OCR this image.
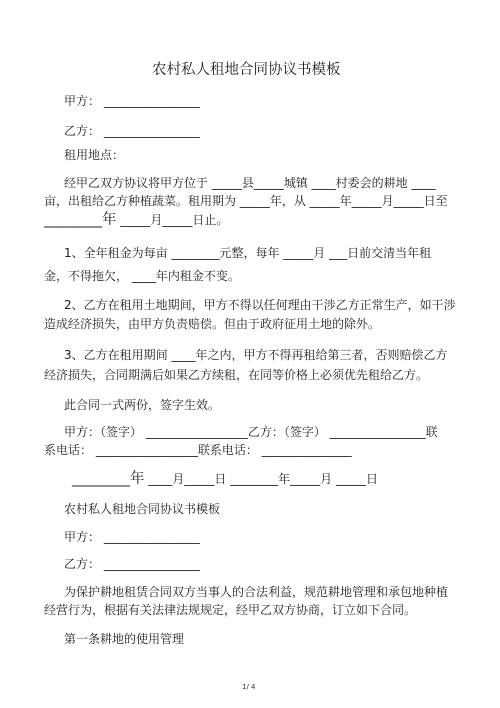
农村私人租地合同协议书模板
甲方： ________________
乙方： ________________
租用地点：
经甲乙双方协议将甲方位于 _____县_____城镇 ____村委会的耕地 ____
亩，出租给乙方种植蔬菜。租用期为 _____年，从 _____年_____月_____日至
________年 _____月_____日止。
1、全年租金为每亩 ________元整，每年 _____月 ___日前交清当年租
金，不得拖欠， ____年内租金不变。
2、乙方在租用土地期间，甲方不得以任何理由干涉乙方正常生产，如干涉
造成经济损失，由甲方负责赔偿。但由于政府征用土地的除外。
3、乙方在租用期间 ____年之内，甲方不得再租给第三者，否则赔偿乙方
经济损失，合同期满后如果乙方续租，在同等价格上必须优先租给乙方。
此合同一式两份，签字生效。
甲方：（签字） _________________乙方：（签字） ________________联
系电话： _________________联系电话： _______________
________年 ____月_____日 ________年_____月 _____日
农村私人租地合同协议书模板
甲方： ________________
乙方： ________________
为保护耕地租赁合同双方当事人的合法利益，规范耕地管理和承包地种植
经营行为，根据有关法律法规规定，经甲乙双方协商，订立如下合同。
第一条耕地的使用管理
1/ 4
